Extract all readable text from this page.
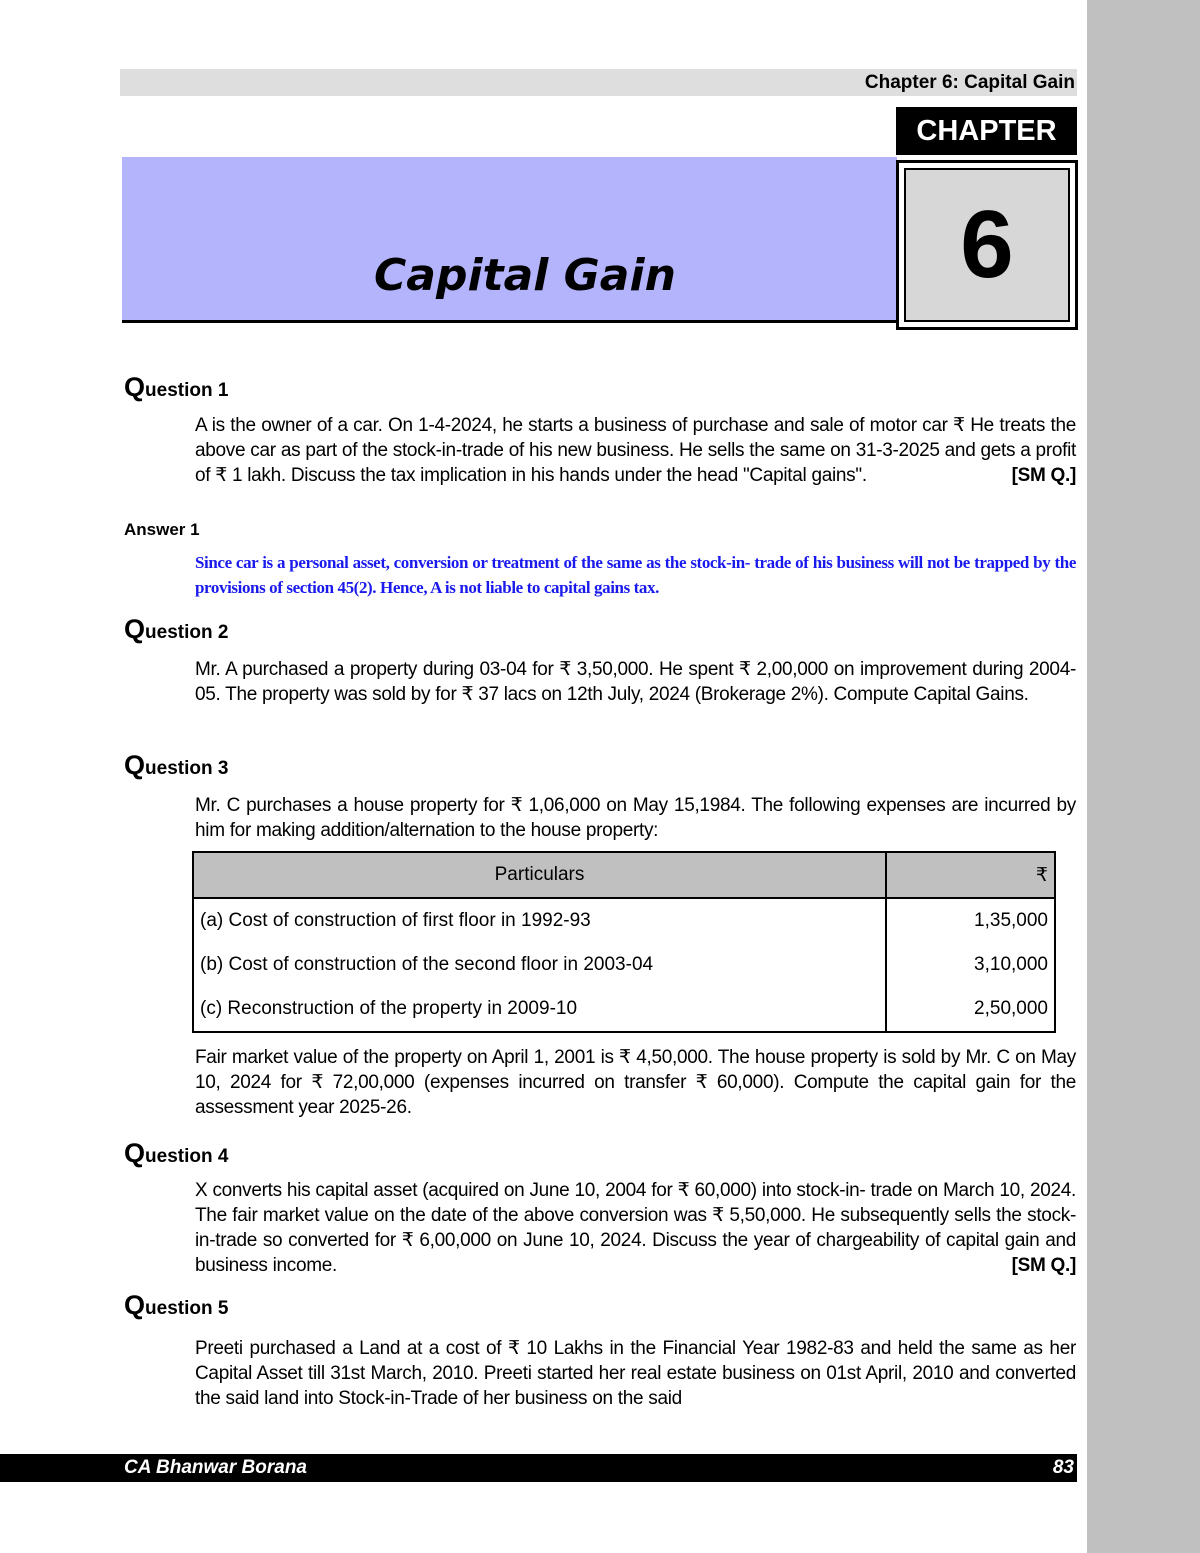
Chapter 6: Capital Gain
Capital Gain
CHAPTER
6
Question 1
A is the owner of a car. On 1-4-2024, he starts a business of purchase and sale of motor car ₹ He treats the above car as part of the stock-in-trade of his new business. He sells the same on 31-3-2025 and gets a profit of ₹ 1 lakh. Discuss the tax implication in his hands under the head "Capital gains".	[SM Q.]
Answer 1
Since car is a personal asset, conversion or treatment of the same as the stock-in- trade of his business will not be trapped by the provisions of section 45(2). Hence, A is not liable to capital gains tax.
Question 2
Mr. A purchased a property during 03-04 for ₹ 3,50,000. He spent ₹ 2,00,000 on improvement during 2004-05. The property was sold by for ₹ 37 lacs on 12th July, 2024 (Brokerage 2%). Compute Capital Gains.
Question 3
Mr. C purchases a house property for ₹ 1,06,000 on May 15,1984. The following expenses are incurred by him for making addition/alternation to the house property:
Particulars	₹
(a) Cost of construction of first floor in 1992-93	1,35,000
(b) Cost of construction of the second floor in 2003-04	3,10,000
(c) Reconstruction of the property in 2009-10	2,50,000
Fair market value of the property on April 1, 2001 is ₹ 4,50,000. The house property is sold by Mr. C on May 10, 2024 for ₹ 72,00,000 (expenses incurred on transfer ₹ 60,000). Compute the capital gain for the assessment year 2025-26.
Question 4
X converts his capital asset (acquired on June 10, 2004 for ₹ 60,000) into stock-in- trade on March 10, 2024. The fair market value on the date of the above conversion was ₹ 5,50,000. He subsequently sells the stock-in-trade so converted for ₹ 6,00,000 on June 10, 2024. Discuss the year of chargeability of capital gain and business income.	[SM Q.]
Question 5
Preeti purchased a Land at a cost of ₹ 10 Lakhs in the Financial Year 1982-83 and held the same as her Capital Asset till 31st March, 2010. Preeti started her real estate business on 01st April, 2010 and converted the said land into Stock-in-Trade of her business on the said
CA Bhanwar Borana	83
